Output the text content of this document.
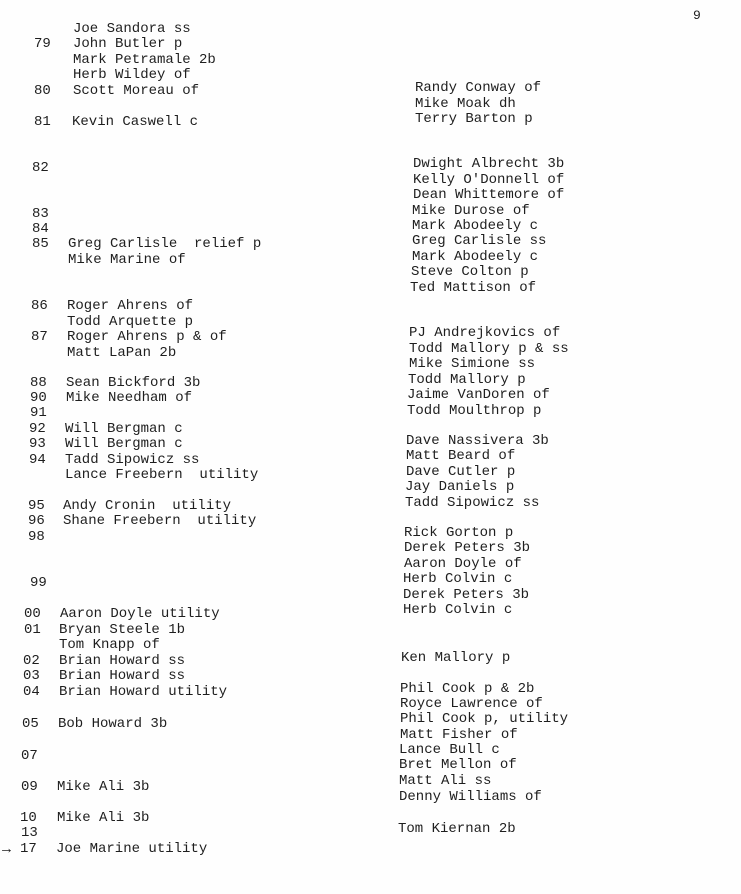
9
Joe Sandora ss
79 John Butler p
Mark Petramale 2b
Herb Wildey of
80 Scott Moreau of
81 Kevin Caswell c
82
83
84
85 Greg Carlisle  relief p
Mike Marine of
86 Roger Ahrens of
Todd Arquette p
87 Roger Ahrens p & of
Matt LaPan 2b
88 Sean Bickford 3b
90 Mike Needham of
91
92 Will Bergman c
93 Will Bergman c
94 Tadd Sipowicz ss
Lance Freebern  utility
95 Andy Cronin  utility
96 Shane Freebern  utility
98
99
00 Aaron Doyle utility
01 Bryan Steele 1b
Tom Knapp of
02 Brian Howard ss
03 Brian Howard ss
04 Brian Howard utility
05 Bob Howard 3b
07
09 Mike Ali 3b
10 Mike Ali 3b
13
17 Joe Marine utility
Randy Conway of
Mike Moak dh
Terry Barton p
Dwight Albrecht 3b
Kelly O'Donnell of
Dean Whittemore of
Mike Durose of
Mark Abodeely c
Greg Carlisle ss
Mark Abodeely c
Steve Colton p
Ted Mattison of
PJ Andrejkovics of
Todd Mallory p & ss
Mike Simione ss
Todd Mallory p
Jaime VanDoren of
Todd Moulthrop p
Dave Nassivera 3b
Matt Beard of
Dave Cutler p
Jay Daniels p
Tadd Sipowicz ss
Rick Gorton p
Derek Peters 3b
Aaron Doyle of
Herb Colvin c
Derek Peters 3b
Herb Colvin c
Ken Mallory p
Phil Cook p & 2b
Royce Lawrence of
Phil Cook p, utility
Matt Fisher of
Lance Bull c
Bret Mellon of
Matt Ali ss
Denny Williams of
Tom Kiernan 2b
→
